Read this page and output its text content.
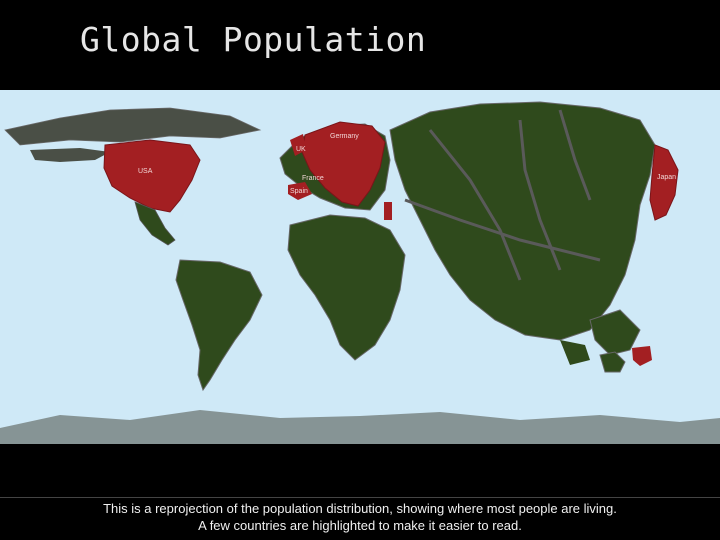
Global Population
USA
UK
Germany
France
Spain
Japan
This is a reprojection of the population distribution, showing where most people are living.
A few countries are highlighted to make it easier to read.
